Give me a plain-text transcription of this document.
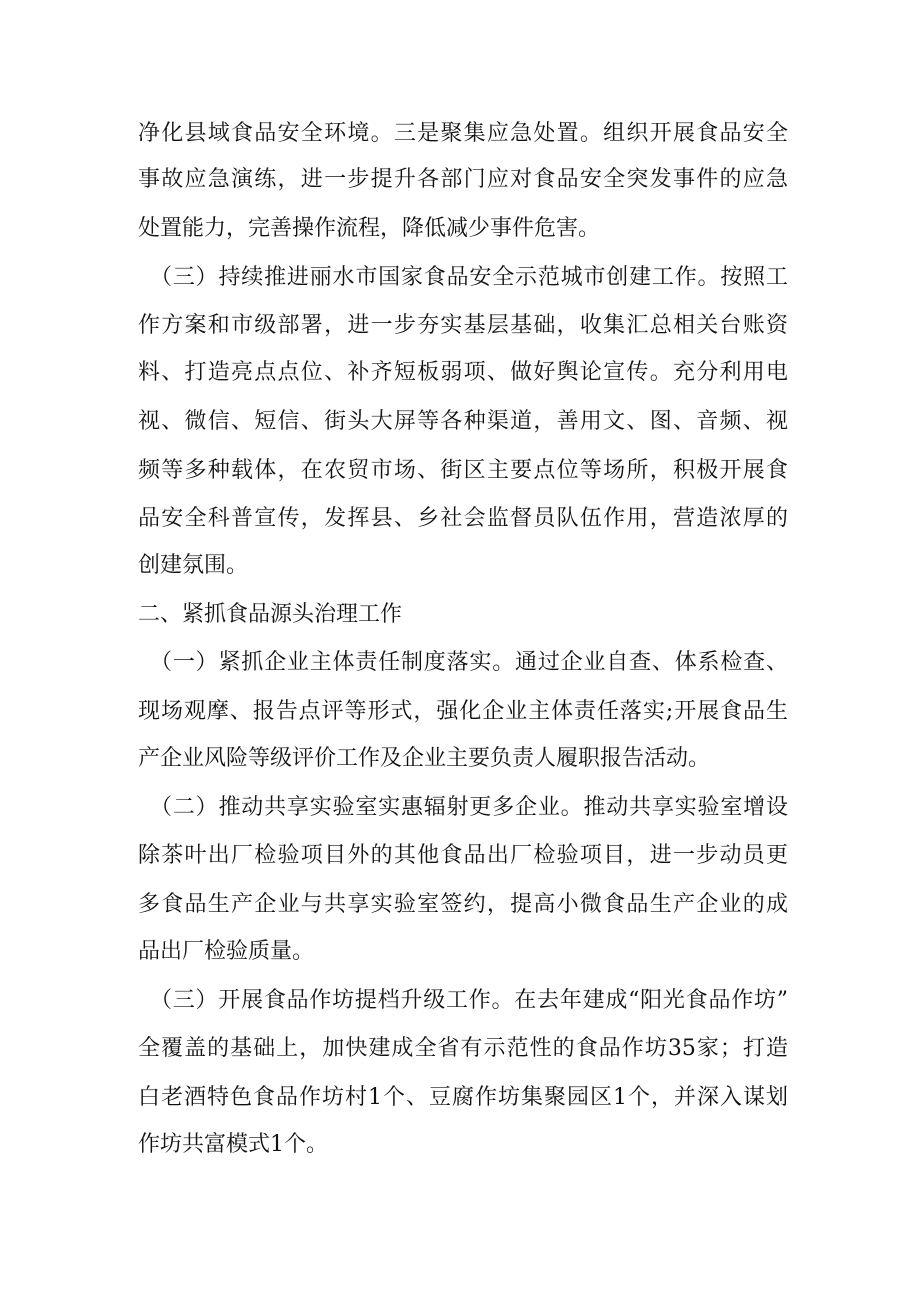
净化县域食品安全环境。三是聚集应急处置。组织开展食品安全
事故应急演练，进一步提升各部门应对食品安全突发事件的应急
处置能力，完善操作流程，降低减少事件危害。
（三）持续推进丽水市国家食品安全示范城市创建工作。按照工
作方案和市级部署，进一步夯实基层基础，收集汇总相关台账资
料、打造亮点点位、补齐短板弱项、做好舆论宣传。充分利用电
视、微信、短信、街头大屏等各种渠道，善用文、图、音频、视
频等多种载体，在农贸市场、街区主要点位等场所，积极开展食
品安全科普宣传，发挥县、乡社会监督员队伍作用，营造浓厚的
创建氛围。
二、紧抓食品源头治理工作
（一）紧抓企业主体责任制度落实。通过企业自查、体系检查、
现场观摩、报告点评等形式，强化企业主体责任落实;开展食品生
产企业风险等级评价工作及企业主要负责人履职报告活动。
（二）推动共享实验室实惠辐射更多企业。推动共享实验室增设
除茶叶出厂检验项目外的其他食品出厂检验项目，进一步动员更
多食品生产企业与共享实验室签约，提高小微食品生产企业的成
品出厂检验质量。
（三）开展食品作坊提档升级工作。在去年建成“阳光食品作坊”
全覆盖的基础上，加快建成全省有示范性的食品作坊35家；打造
白老酒特色食品作坊村1个、豆腐作坊集聚园区1个，并深入谋划
作坊共富模式1个。
